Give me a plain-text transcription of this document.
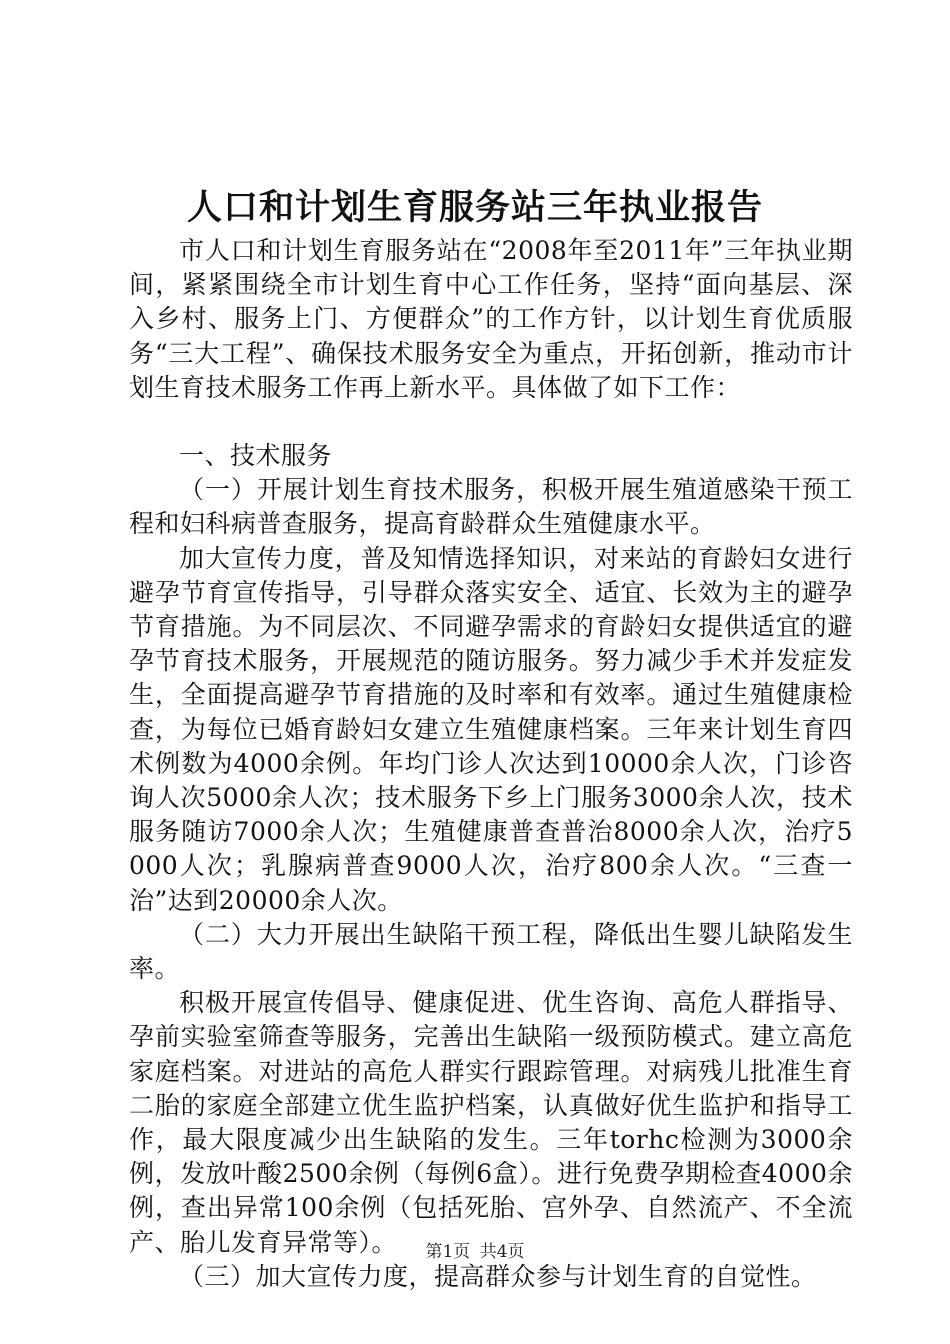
人口和计划生育服务站三年执业报告

市人口和计划生育服务站在“2008年至2011年”三年执业期间，紧紧围绕全市计划生育中心工作任务，坚持“面向基层、深入乡村、服务上门、方便群众”的工作方针，以计划生育优质服务“三大工程”、确保技术服务安全为重点，开拓创新，推动市计划生育技术服务工作再上新水平。具体做了如下工作：

一、技术服务

（一）开展计划生育技术服务，积极开展生殖道感染干预工程和妇科病普查服务，提高育龄群众生殖健康水平。

加大宣传力度，普及知情选择知识，对来站的育龄妇女进行避孕节育宣传指导，引导群众落实安全、适宜、长效为主的避孕节育措施。为不同层次、不同避孕需求的育龄妇女提供适宜的避孕节育技术服务，开展规范的随访服务。努力减少手术并发症发生，全面提高避孕节育措施的及时率和有效率。通过生殖健康检查，为每位已婚育龄妇女建立生殖健康档案。三年来计划生育四术例数为4000余例。年均门诊人次达到10000余人次，门诊咨询人次5000余人次；技术服务下乡上门服务3000余人次，技术服务随访7000余人次；生殖健康普查普治8000余人次，治疗5000人次；乳腺病普查9000人次，治疗800余人次。“三查一治”达到20000余人次。

（二）大力开展出生缺陷干预工程，降低出生婴儿缺陷发生率。

积极开展宣传倡导、健康促进、优生咨询、高危人群指导、孕前实验室筛查等服务，完善出生缺陷一级预防模式。建立高危家庭档案。对进站的高危人群实行跟踪管理。对病残儿批准生育二胎的家庭全部建立优生监护档案，认真做好优生监护和指导工作，最大限度减少出生缺陷的发生。三年torhc检测为3000余例，发放叶酸2500余例（每例6盒）。进行免费孕期检查4000余例，查出异常100余例（包括死胎、宫外孕、自然流产、不全流产、胎儿发育异常等）。

（三）加大宣传力度，提高群众参与计划生育的自觉性。

第1页 共4页
